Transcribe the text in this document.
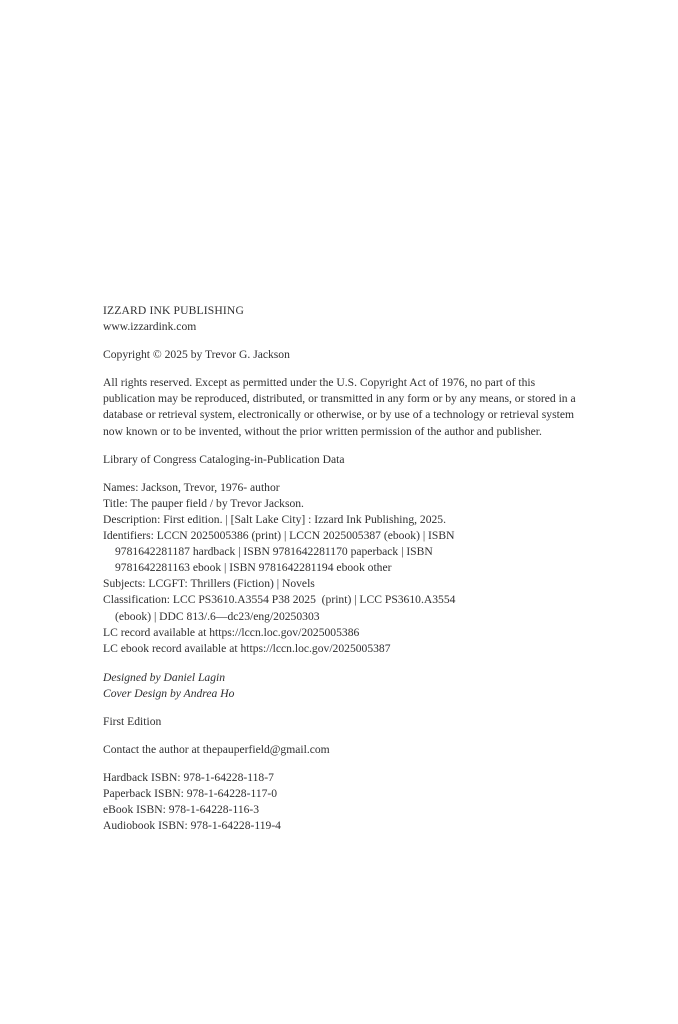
IZZARD INK PUBLISHING
www.izzardink.com
Copyright © 2025 by Trevor G. Jackson
All rights reserved. Except as permitted under the U.S. Copyright Act of 1976, no part of this publication may be reproduced, distributed, or transmitted in any form or by any means, or stored in a database or retrieval system, electronically or otherwise, or by use of a technology or retrieval system now known or to be invented, without the prior written permission of the author and publisher.
Library of Congress Cataloging-in-Publication Data
Names: Jackson, Trevor, 1976- author
Title: The pauper field / by Trevor Jackson.
Description: First edition. | [Salt Lake City] : Izzard Ink Publishing, 2025.
Identifiers: LCCN 2025005386 (print) | LCCN 2025005387 (ebook) | ISBN
9781642281187 hardback | ISBN 9781642281170 paperback | ISBN
9781642281163 ebook | ISBN 9781642281194 ebook other
Subjects: LCGFT: Thrillers (Fiction) | Novels
Classification: LCC PS3610.A3554 P38 2025  (print) | LCC PS3610.A3554
(ebook) | DDC 813/.6—dc23/eng/20250303
LC record available at https://lccn.loc.gov/2025005386
LC ebook record available at https://lccn.loc.gov/2025005387
Designed by Daniel Lagin
Cover Design by Andrea Ho
First Edition
Contact the author at thepauperfield@gmail.com
Hardback ISBN: 978-1-64228-118-7
Paperback ISBN: 978-1-64228-117-0
eBook ISBN: 978-1-64228-116-3
Audiobook ISBN: 978-1-64228-119-4
